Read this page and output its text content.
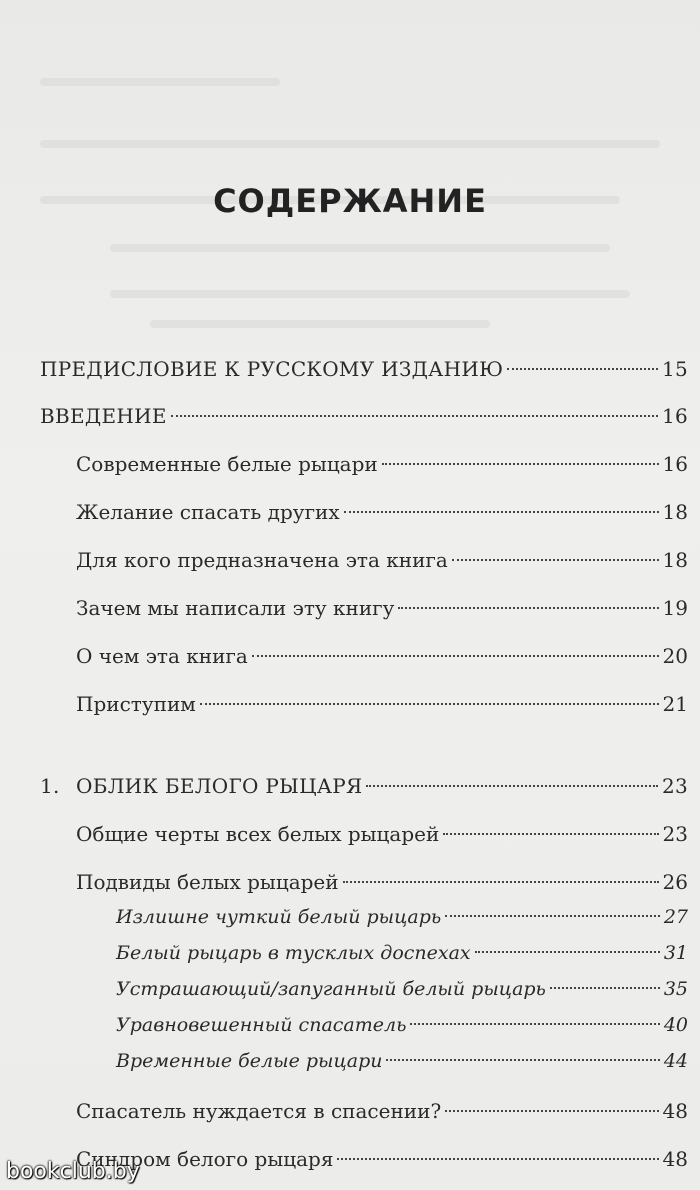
СОДЕРЖАНИЕ
ПРЕДИСЛОВИЕ К РУССКОМУ ИЗДАНИЮ	15
ВВЕДЕНИЕ	16
Современные белые рыцари	16
Желание спасать других	18
Для кого предназначена эта книга	18
Зачем мы написали эту книгу	19
О чем эта книга	20
Приступим	21
1. ОБЛИК БЕЛОГО РЫЦАРЯ	23
Общие черты всех белых рыцарей	23
Подвиды белых рыцарей	26
Излишне чуткий белый рыцарь	27
Белый рыцарь в тусклых доспехах	31
Устрашающий/запуганный белый рыцарь	35
Уравновешенный спасатель	40
Временные белые рыцари	44
Спасатель нуждается в спасении?	48
Синдром белого рыцаря	48
bookclub.by
